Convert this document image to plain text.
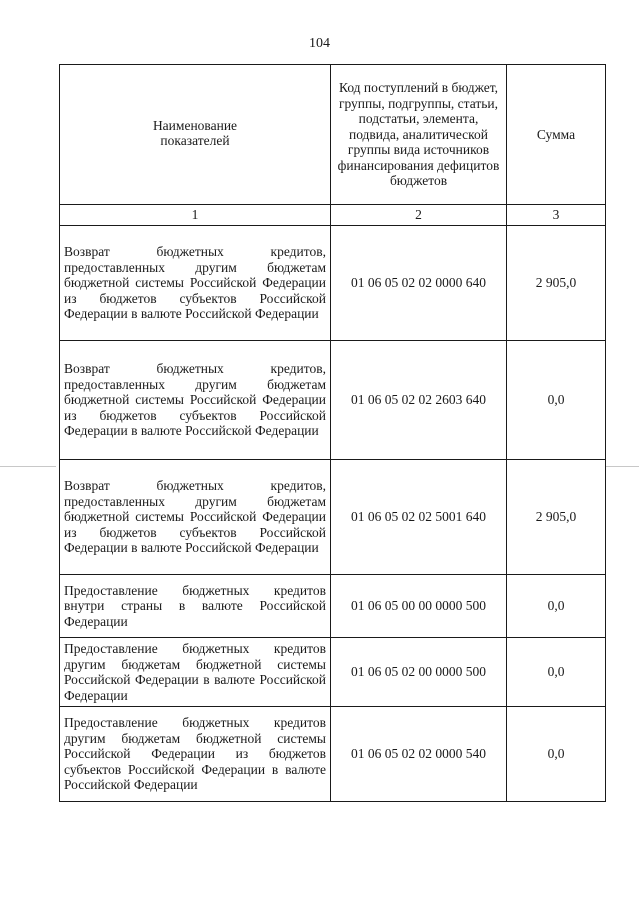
104
Наименование показателей	Код поступлений в бюджет, группы, подгруппы, статьи, подстатьи, элемента, подвида, аналитической группы вида источников финансирования дефицитов бюджетов	Сумма
1	2	3
Возврат бюджетных кредитов, предоставленных другим бюджетам бюджетной системы Российской Федерации из бюджетов субъектов Российской Федерации в валюте Российской Федерации	01 06 05 02 02 0000 640	2 905,0
Возврат бюджетных кредитов, предоставленных другим бюджетам бюджетной системы Российской Федерации из бюджетов субъектов Российской Федерации в валюте Российской Федерации	01 06 05 02 02 2603 640	0,0
Возврат бюджетных кредитов, предоставленных другим бюджетам бюджетной системы Российской Федерации из бюджетов субъектов Российской Федерации в валюте Российской Федерации	01 06 05 02 02 5001 640	2 905,0
Предоставление бюджетных кредитов внутри страны в валюте Российской Федерации	01 06 05 00 00 0000 500	0,0
Предоставление бюджетных кредитов другим бюджетам бюджетной системы Российской Федерации в валюте Российской Федерации	01 06 05 02 00 0000 500	0,0
Предоставление бюджетных кредитов другим бюджетам бюджетной системы Российской Федерации из бюджетов субъектов Российской Федерации в валюте Российской Федерации	01 06 05 02 02 0000 540	0,0
